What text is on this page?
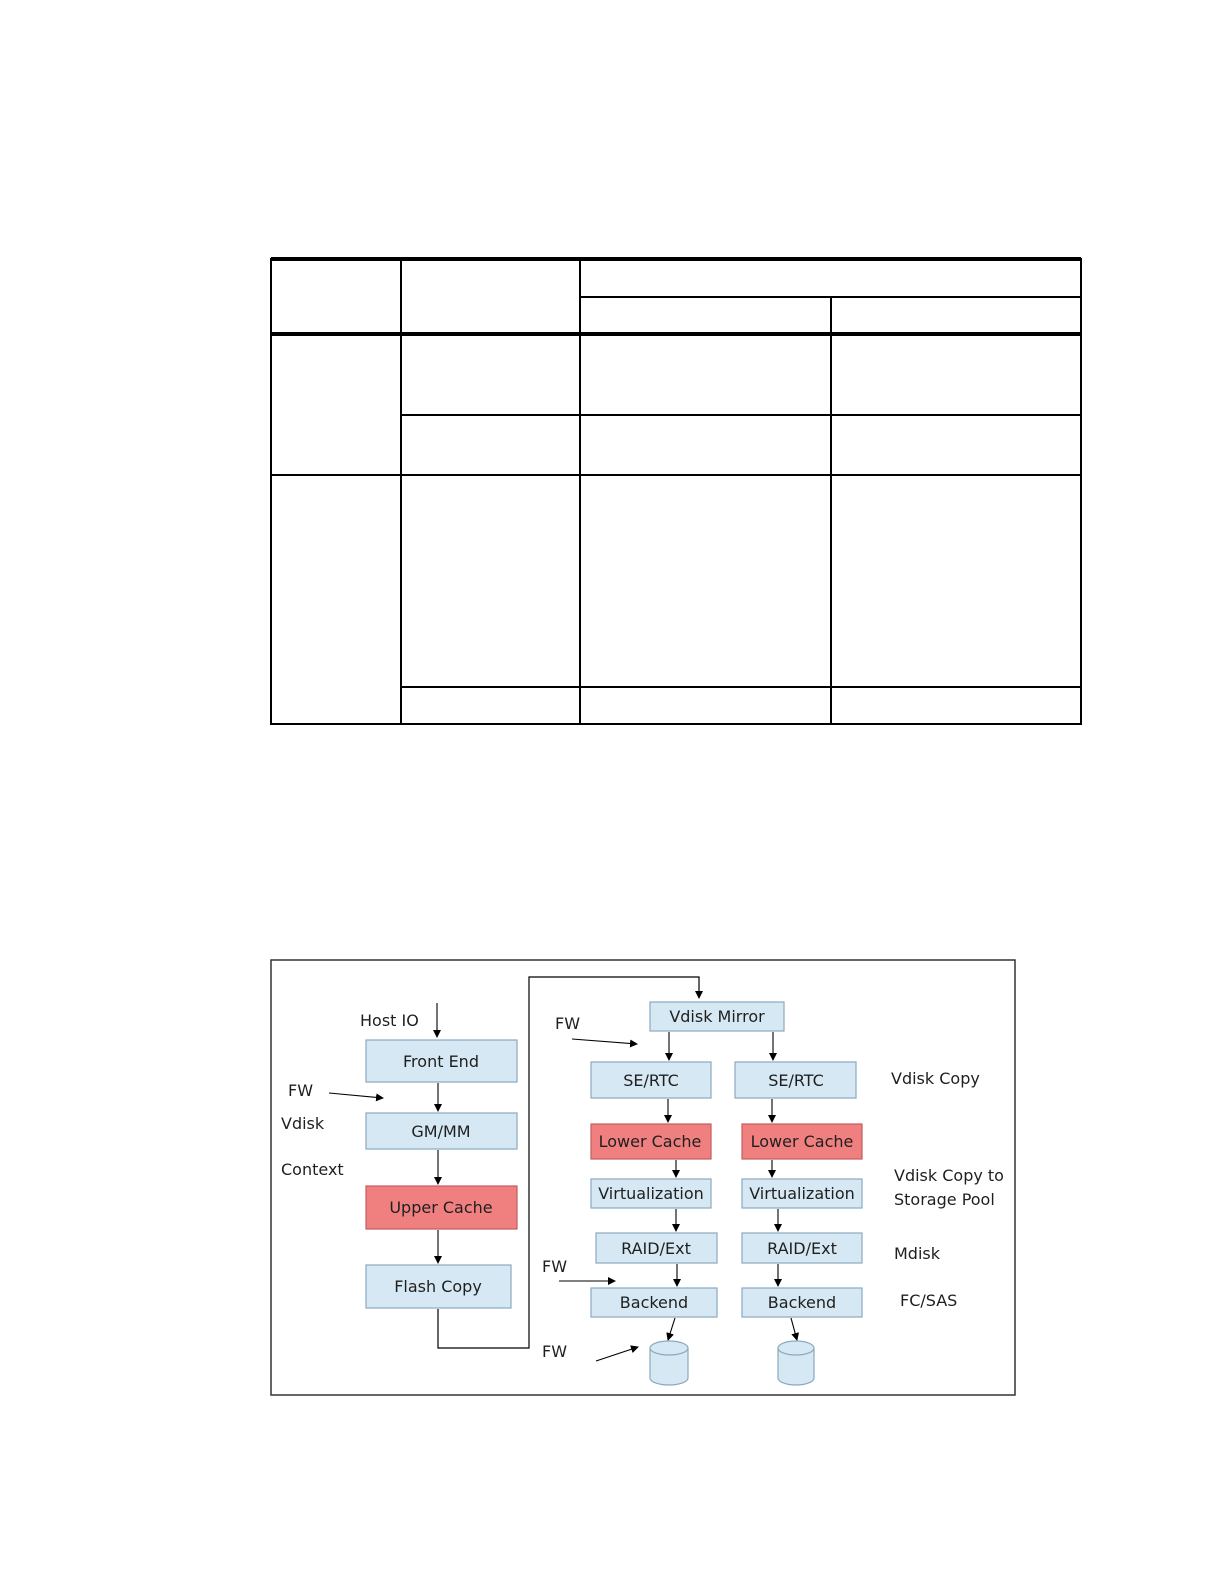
Front End
GM/MM
Upper Cache
Flash Copy
Vdisk Mirror
SE/RTC	SE/RTC
Lower Cache	Lower Cache
Virtualization	Virtualization
RAID/Ext	RAID/Ext
Backend	Backend
Host IO
FW
Vdisk
Context
FW
FW
FW
Vdisk Copy
Vdisk Copy to
Storage Pool
Mdisk
FC/SAS
